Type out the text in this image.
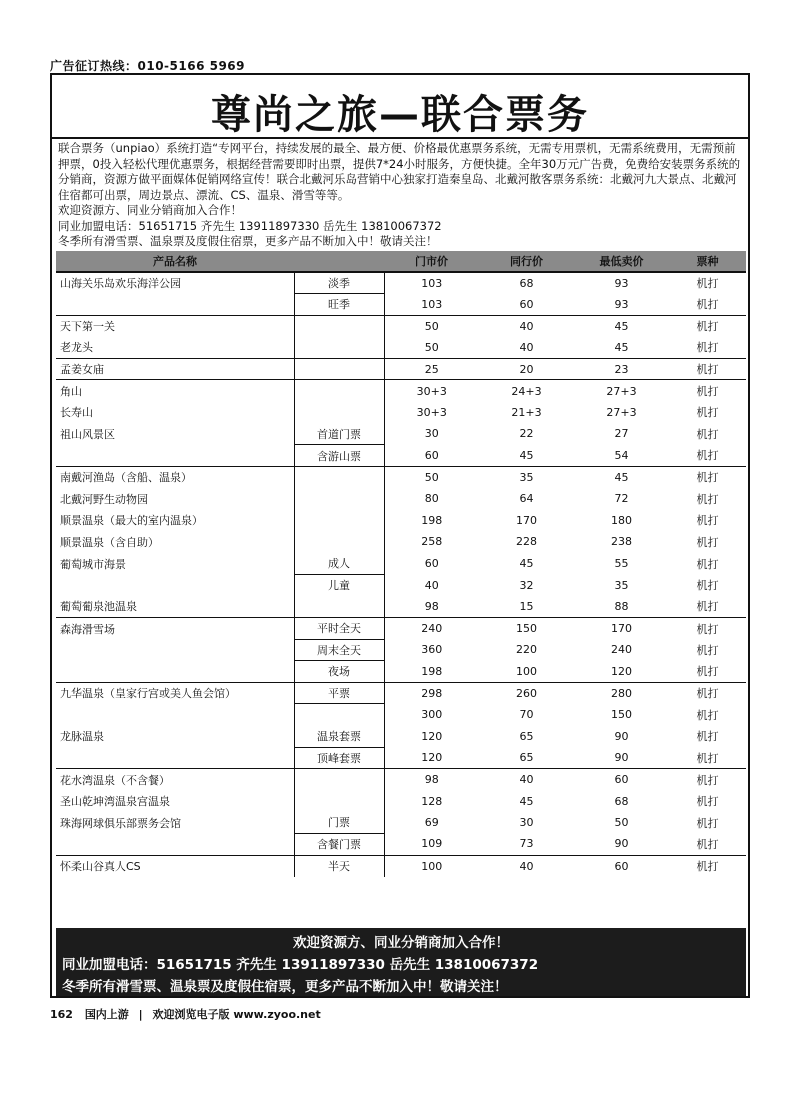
广告征订热线：010-5166 5969
尊尚之旅—联合票务

联合票务（unpiao）系统打造“专网平台，持续发展的最全、最方便、价格最优惠票务系统，无需专用票机，无需系统费用，无需预前押票，0投入轻松代理优惠票务，根据经营需要即时出票，提供7*24小时服务，方便快捷。全年30万元广告费，免费给安装票务系统的分销商，资源方做平面媒体促销网络宣传！联合北戴河乐岛营销中心独家打造秦皇岛、北戴河散客票务系统：北戴河九大景点、北戴河住宿都可出票，周边景点、漂流、CS、温泉、滑雪等等。

欢迎资源方、同业分销商加入合作！

同业加盟电话：51651715 齐先生 13911897330 岳先生 13810067372

冬季所有滑雪票、温泉票及度假住宿票，更多产品不断加入中！敬请关注！

产品名称		门市价	同行价	最低卖价	票种
山海关乐岛欢乐海洋公园	淡季	103	68	93	机打
	旺季	103	60	93	机打
天下第一关		50	40	45	机打
老龙头		50	40	45	机打
孟姜女庙		25	20	23	机打
角山		30+3	24+3	27+3	机打
长寿山		30+3	21+3	27+3	机打
祖山风景区	首道门票	30	22	27	机打
	含游山票	60	45	54	机打
南戴河渔岛（含船、温泉）		50	35	45	机打
北戴河野生动物园		80	64	72	机打
顺景温泉（最大的室内温泉）		198	170	180	机打
顺景温泉（含自助）		258	228	238	机打
葡萄城市海景	成人	60	45	55	机打
	儿童	40	32	35	机打
葡萄葡泉池温泉		98	15	88	机打
森海滑雪场	平时全天	240	150	170	机打
	周末全天	360	220	240	机打
	夜场	198	100	120	机打
九华温泉（皇家行宫或美人鱼会馆）	平票	298	260	280	机打
		300	70	150	机打
龙脉温泉	温泉套票	120	65	90	机打
	顶峰套票	120	65	90	机打
花水湾温泉（不含餐）		98	40	60	机打
圣山乾坤湾温泉宫温泉		128	45	68	机打
珠海网球俱乐部票务会馆	门票	69	30	50	机打
	含餐门票	109	73	90	机打
怀柔山谷真人CS	半天	100	40	60	机打
欢迎资源方、同业分销商加入合作！
同业加盟电话：51651715 齐先生 13911897330 岳先生 13810067372
冬季所有滑雪票、温泉票及度假住宿票，更多产品不断加入中！敬请关注！
162 国内上游 | 欢迎浏览电子版 www.zyoo.net
